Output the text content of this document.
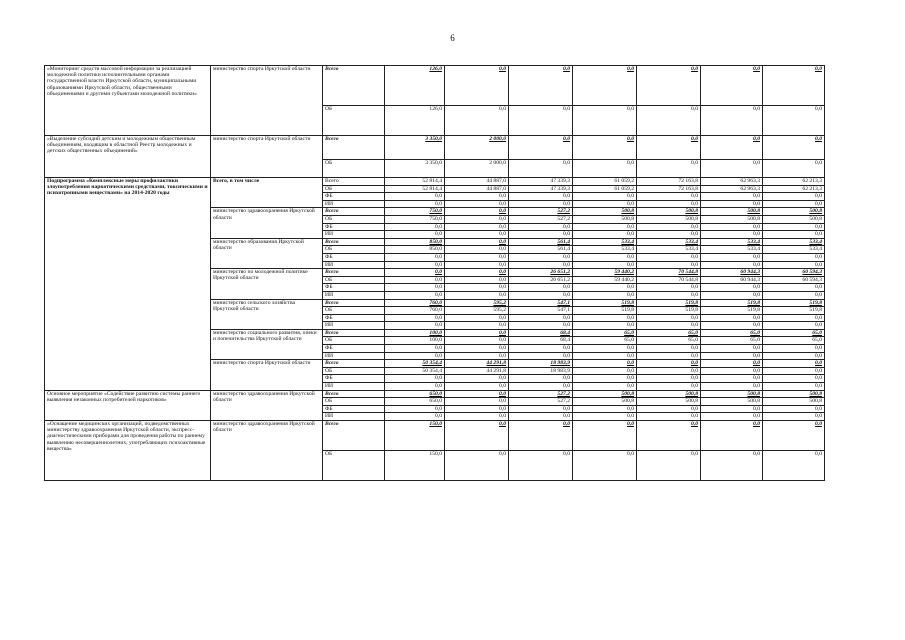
6
«Мониторинг средств массовой информации за реализацией молодежной политики исполнительными органами государственной власти Иркутской области, муниципальными образованиями Иркутской области, общественными объединениями и другими субъектами молодежной политики»	министерство спорта Иркутской области	Всего	126,0	0,0	0,0	0,0	0,0	0,0	0,0
		ОБ	126,0	0,0	0,0	0,0	0,0	0,0	0,0
«Выделение субсидий детским и молодежным общественным объединениям, входящим в областной Реестр молодежных и детских общественных объединений»	министерство спорта Иркутской области	Всего	3 350,0	2 000,0	0,0	0,0	0,0	0,0	0,0
		ОБ	3 350,0	2 000,0	0,0	0,0	0,0	0,0	0,0
Подпрограмма «Комплексные меры профилактики злоупотребления наркотическими средствами, токсическими и психотропными веществами» на 2014-2020 годы	Всего, в том числе	Всего	52 814,4	44 887,0	47 339,3	61 059,2	72 163,8	62 963,3	62 213,3
		ОБ	52 814,4	44 887,0	47 339,3	61 059,2	72 163,8	62 963,3	62 213,3
		ФБ	0,0	0,0	0,0	0,0	0,0	0,0	0,0
		ИИ	0,0	0,0	0,0	0,0	0,0	0,0	0,0
	министерство здравоохранения Иркутской области	Всего	750,0	0,0	527,2	500,8	500,8	500,8	500,8
		ОБ	750,0	0,0	527,2	500,8	500,8	500,8	500,8
		ФБ	0,0	0,0	0,0	0,0	0,0	0,0	0,0
		ИИ	0,0	0,0	0,0	0,0	0,0	0,0	0,0
	министерство образования Иркутской области	Всего	850,0	0,0	561,4	533,4	533,4	533,4	533,4
		ОБ	850,0	0,0	561,4	533,4	533,4	533,4	533,4
		ФБ	0,0	0,0	0,0	0,0	0,0	0,0	0,0
		ИИ	0,0	0,0	0,0	0,0	0,0	0,0	0,0
	министерство по молодежной политике Иркутской области	Всего	0,0	0,0	26 651,2	59 440,2	70 544,8	60 944,3	60 594,3
		ОБ	0,0	0,0	26 651,2	59 440,2	70 544,8	60 944,3	60 594,3
		ФБ	0,0	0,0	0,0	0,0	0,0	0,0	0,0
		ИИ	0,0	0,0	0,0	0,0	0,0	0,0	0,0
	министерство сельского хозяйства Иркутской области	Всего	760,0	595,2	547,1	519,8	519,8	519,8	519,8
		ОБ	760,0	595,2	547,1	519,8	519,8	519,8	519,8
		ФБ	0,0	0,0	0,0	0,0	0,0	0,0	0,0
		ИИ	0,0	0,0	0,0	0,0	0,0	0,0	0,0
	министерство социального развития, опеки и попечительства Иркутской области	Всего	100,0	0,0	68,4	65,0	65,0	65,0	65,0
		ОБ	100,0	0,0	68,4	65,0	65,0	65,0	65,0
		ФБ	0,0	0,0	0,0	0,0	0,0	0,0	0,0
		ИИ	0,0	0,0	0,0	0,0	0,0	0,0	0,0
	министерство спорта Иркутской области	Всего	50 354,4	44 291,8	18 983,9	0,0	0,0	0,0	0,0
		ОБ	50 354,4	44 291,8	18 983,9	0,0	0,0	0,0	0,0
		ФБ	0,0	0,0	0,0	0,0	0,0	0,0	0,0
		ИИ	0,0	0,0	0,0	0,0	0,0	0,0	0,0
Основное мероприятие «Содействие развитию системы раннего выявления незаконных потребителей наркотиков»	министерство здравоохранения Иркутской области	Всего	650,0	0,0	527,2	500,8	500,8	500,8	500,8
		ОБ	650,0	0,0	527,2	500,8	500,8	500,8	500,8
		ФБ	0,0	0,0	0,0	0,0	0,0	0,0	0,0
		ИИ	0,0	0,0	0,0	0,0	0,0	0,0	0,0
«Оснащение медицинских организаций, подведомственных министерству здравоохранения Иркутской области, экспресс-диагностическими приборами для проведения работы по раннему выявлению несовершеннолетних, употребляющих психоактивные вещества»	министерство здравоохранения Иркутской области	Всего	150,0	0,0	0,0	0,0	0,0	0,0	0,0
		ОБ	150,0	0,0	0,0	0,0	0,0	0,0	0,0
